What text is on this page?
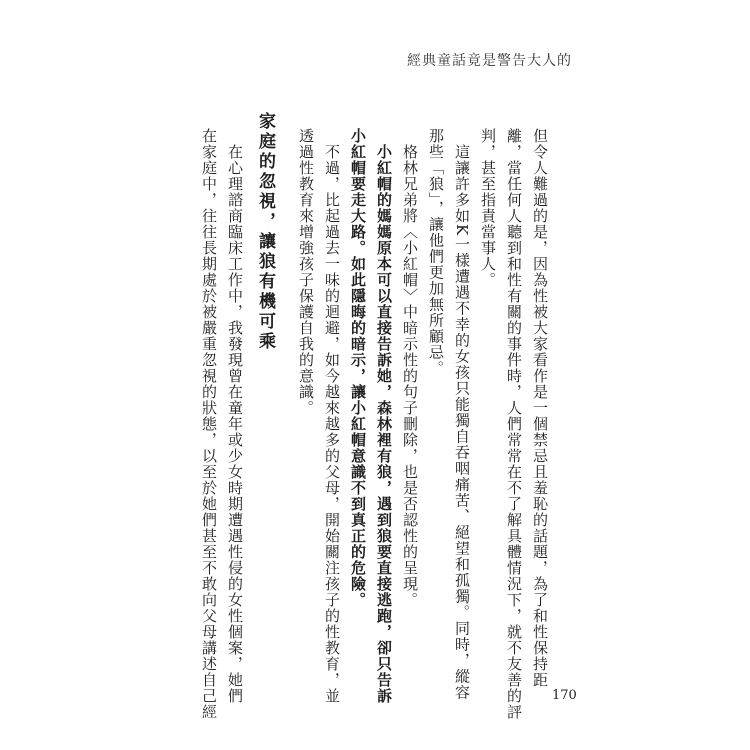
經典童話竟是警告大人的
但令人難過的是，因為性被大家看作是一個禁忌且羞恥的話題，為了和性保持距
離，當任何人聽到和性有關的事件時，人們常常在不了解具體情況下，就不友善的評
判，甚至指責當事人。
這讓許多如K一樣遭遇不幸的女孩只能獨自吞咽痛苦、絕望和孤獨。同時，縱容
那些「狼」，讓他們更加無所顧忌。
格林兄弟將〈小紅帽〉中暗示性的句子刪除，也是否認性的呈現。
小紅帽的媽媽原本可以直接告訴她，森林裡有狼，遇到狼要直接逃跑，卻只告訴
小紅帽要走大路。如此隱晦的暗示，讓小紅帽意識不到真正的危險。
不過，比起過去一味的迴避，如今越來越多的父母，開始關注孩子的性教育，並
透過性教育來增強孩子保護自我的意識。
家庭的忽視，讓狼有機可乘
在心理諮商臨床工作中，我發現曾在童年或少女時期遭遇性侵的女性個案，她們
在家庭中，往往長期處於被嚴重忽視的狀態，以至於她們甚至不敢向父母講述自己經	170
